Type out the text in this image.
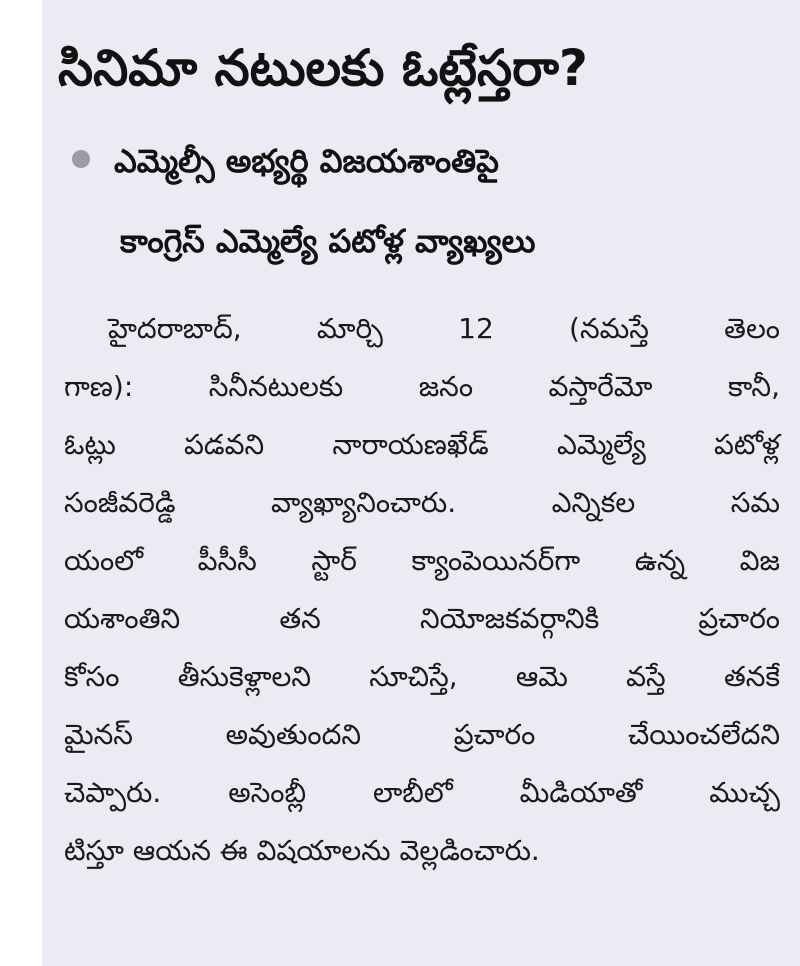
సినిమా నటులకు ఓట్లేస్తరా?
ఎమ్మెల్సీ అభ్యర్థి విజయశాంతిపై
కాంగ్రెస్ ఎమ్మెల్యే పటోళ్ల వ్యాఖ్యలు
హైదరాబాద్, మార్చి 12 (నమస్తే తెలం
గాణ): సినీనటులకు జనం వస్తారేమో కానీ,
ఓట్లు పడవని నారాయణఖేడ్ ఎమ్మెల్యే పటోళ్ల
సంజీవరెడ్డి వ్యాఖ్యానించారు. ఎన్నికల సమ
యంలో పీసీసీ స్టార్ క్యాంపెయినర్‌గా ఉన్న విజ
యశాంతిని తన నియోజకవర్గానికి ప్రచారం
కోసం తీసుకెళ్లాలని సూచిస్తే, ఆమె వస్తే తనకే
మైనస్ అవుతుందని ప్రచారం చేయించలేదని
చెప్పారు. అసెంబ్లీ లాబీలో మీడియాతో ముచ్చ
టిస్తూ ఆయన ఈ విషయాలను వెల్లడించారు.
